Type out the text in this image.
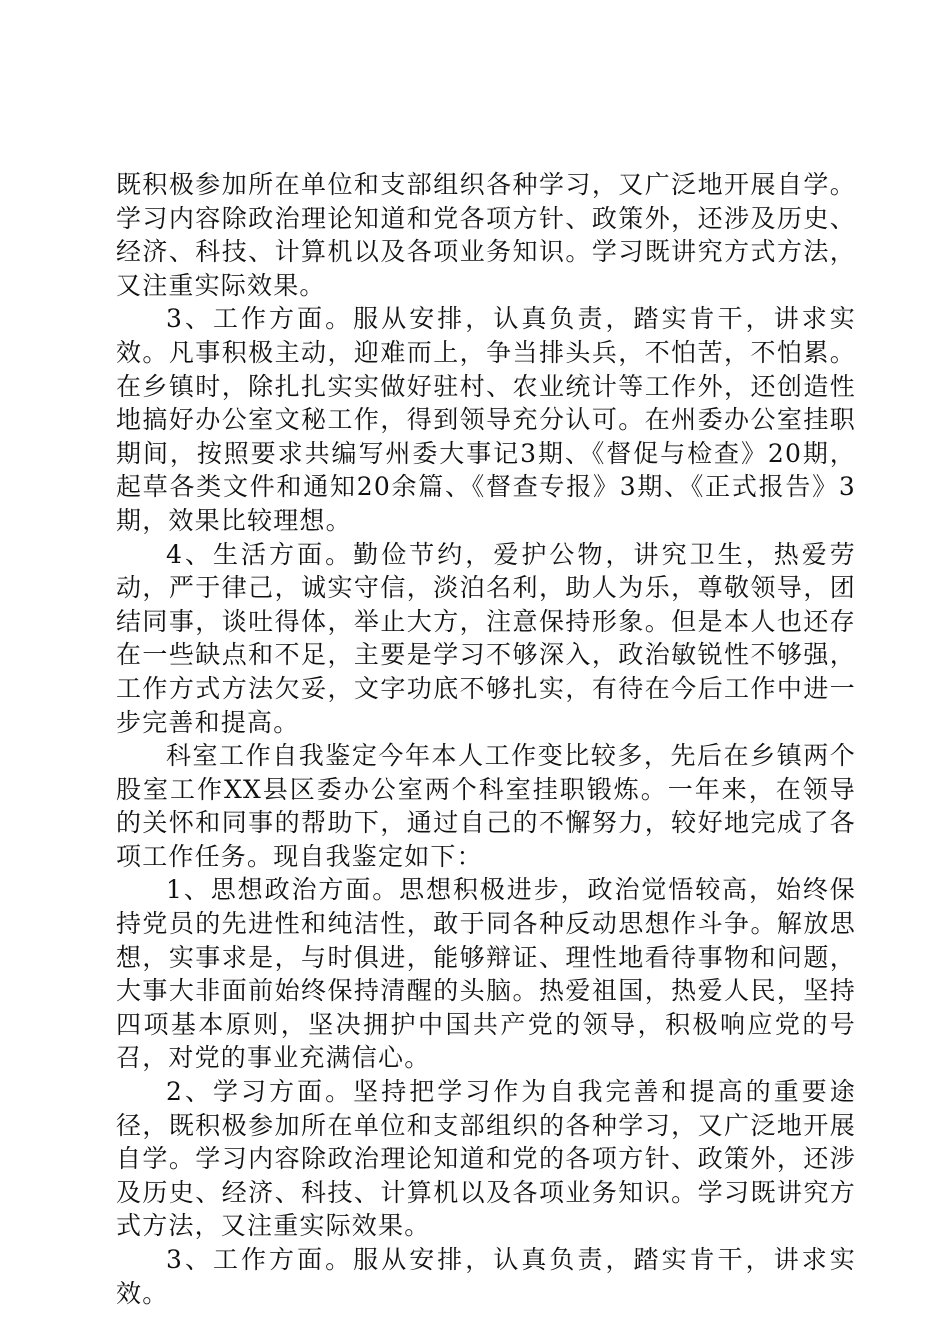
既积极参加所在单位和支部组织各种学习，又广泛地开展自学。学习内容除政治理论知道和党各项方针、政策外，还涉及历史、经济、科技、计算机以及各项业务知识。学习既讲究方式方法，又注重实际效果。

3、工作方面。服从安排，认真负责，踏实肯干，讲求实效。凡事积极主动，迎难而上，争当排头兵，不怕苦，不怕累。在乡镇时，除扎扎实实做好驻村、农业统计等工作外，还创造性地搞好办公室文秘工作，得到领导充分认可。在州委办公室挂职期间，按照要求共编写州委大事记3期、《督促与检查》20期，起草各类文件和通知20余篇、《督查专报》3期、《正式报告》3期，效果比较理想。

4、生活方面。勤俭节约，爱护公物，讲究卫生，热爱劳动，严于律己，诚实守信，淡泊名利，助人为乐，尊敬领导，团结同事，谈吐得体，举止大方，注意保持形象。但是本人也还存在一些缺点和不足，主要是学习不够深入，政治敏锐性不够强，工作方式方法欠妥，文字功底不够扎实，有待在今后工作中进一步完善和提高。

科室工作自我鉴定今年本人工作变比较多，先后在乡镇两个股室工作XX县区委办公室两个科室挂职锻炼。一年来，在领导的关怀和同事的帮助下，通过自己的不懈努力，较好地完成了各项工作任务。现自我鉴定如下：

1、思想政治方面。思想积极进步，政治觉悟较高，始终保持党员的先进性和纯洁性，敢于同各种反动思想作斗争。解放思想，实事求是，与时俱进，能够辩证、理性地看待事物和问题，大事大非面前始终保持清醒的头脑。热爱祖国，热爱人民，坚持四项基本原则，坚决拥护中国共产党的领导，积极响应党的号召，对党的事业充满信心。

2、学习方面。坚持把学习作为自我完善和提高的重要途径，既积极参加所在单位和支部组织的各种学习，又广泛地开展自学。学习内容除政治理论知道和党的各项方针、政策外，还涉及历史、经济、科技、计算机以及各项业务知识。学习既讲究方式方法，又注重实际效果。

3、工作方面。服从安排，认真负责，踏实肯干，讲求实效。
